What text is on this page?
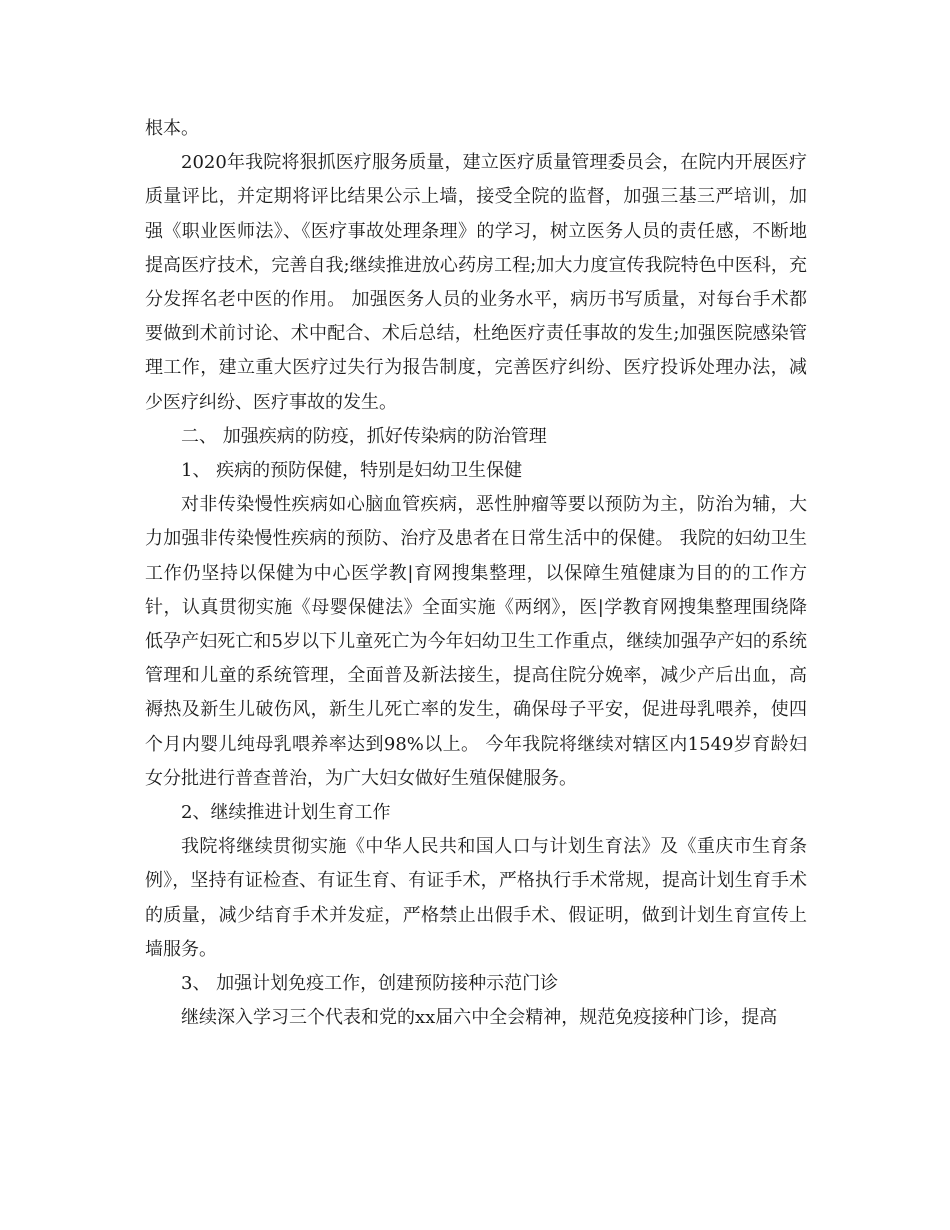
根本。

2020年我院将狠抓医疗服务质量，建立医疗质量管理委员会，在院内开展医疗质量评比，并定期将评比结果公示上墙，接受全院的监督，加强三基三严培训，加强《职业医师法》、《医疗事故处理条理》的学习，树立医务人员的责任感，不断地提高医疗技术，完善自我;继续推进放心药房工程;加大力度宣传我院特色中医科，充分发挥名老中医的作用。 加强医务人员的业务水平，病历书写质量，对每台手术都要做到术前讨论、术中配合、术后总结，杜绝医疗责任事故的发生;加强医院感染管理工作，建立重大医疗过失行为报告制度，完善医疗纠纷、医疗投诉处理办法，减少医疗纠纷、医疗事故的发生。

二、 加强疾病的防疫，抓好传染病的防治管理

1、 疾病的预防保健，特别是妇幼卫生保健

对非传染慢性疾病如心脑血管疾病，恶性肿瘤等要以预防为主，防治为辅，大力加强非传染慢性疾病的预防、治疗及患者在日常生活中的保健。 我院的妇幼卫生工作仍坚持以保健为中心医学教|育网搜集整理，以保障生殖健康为目的的工作方针，认真贯彻实施《母婴保健法》全面实施《两纲》，医|学教育网搜集整理围绕降低孕产妇死亡和5岁以下儿童死亡为今年妇幼卫生工作重点，继续加强孕产妇的系统管理和儿童的系统管理，全面普及新法接生，提高住院分娩率，减少产后出血，高褥热及新生儿破伤风，新生儿死亡率的发生，确保母子平安，促进母乳喂养，使四个月内婴儿纯母乳喂养率达到98%以上。 今年我院将继续对辖区内1549岁育龄妇女分批进行普查普治，为广大妇女做好生殖保健服务。

2、继续推进计划生育工作

我院将继续贯彻实施《中华人民共和国人口与计划生育法》及《重庆市生育条例》，坚持有证检查、有证生育、有证手术，严格执行手术常规，提高计划生育手术的质量，减少结育手术并发症，严格禁止出假手术、假证明，做到计划生育宣传上墙服务。

3、 加强计划免疫工作，创建预防接种示范门诊

继续深入学习三个代表和党的xx届六中全会精神，规范免疫接种门诊，提高
